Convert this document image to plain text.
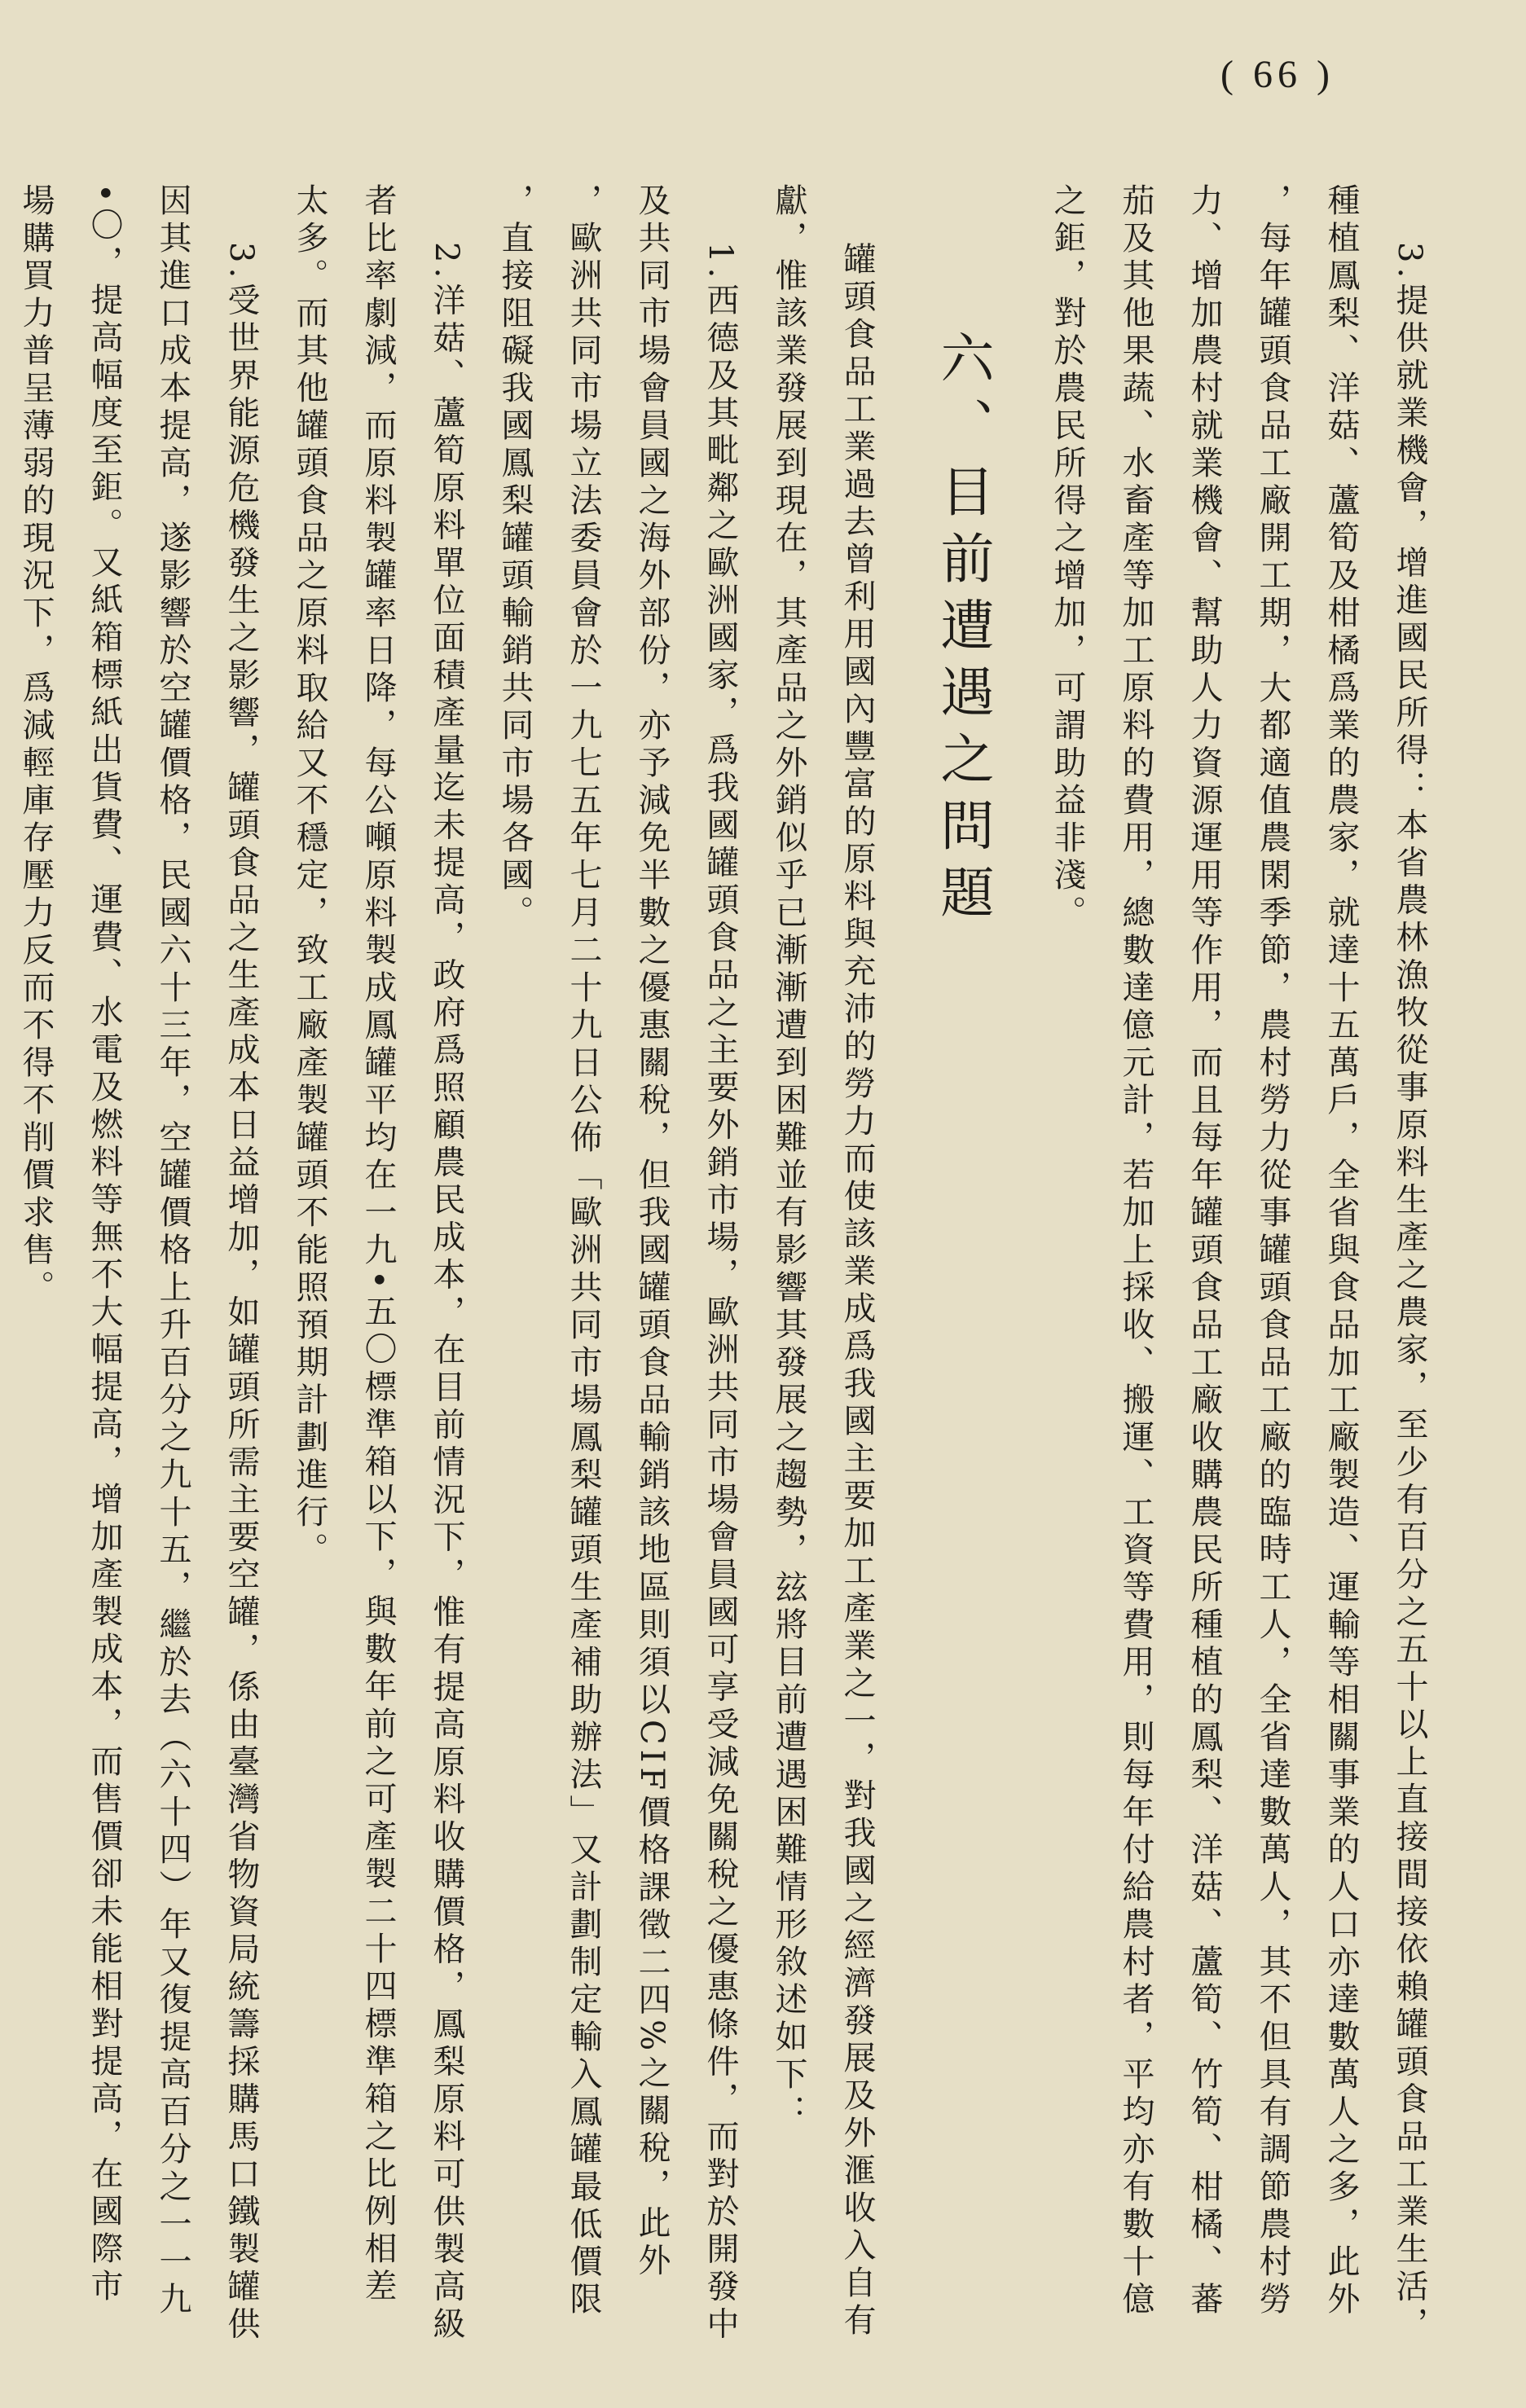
( 66 )
3.提供就業機會，增進國民所得：本省農林漁牧從事原料生產之農家，至少有百分之五十以上直接間接依賴罐頭食品工業生活，
種植鳳梨、洋菇、蘆筍及柑橘爲業的農家，就達十五萬戶，全省與食品加工廠製造、運輸等相關事業的人口亦達數萬人之多，此外
，每年罐頭食品工廠開工期，大都適值農閑季節，農村勞力從事罐頭食品工廠的臨時工人，全省達數萬人，其不但具有調節農村勞
力、增加農村就業機會、幫助人力資源運用等作用，而且每年罐頭食品工廠收購農民所種植的鳳梨、洋菇、蘆筍、竹筍、柑橘、蕃
茄及其他果蔬、水畜產等加工原料的費用，總數達億元計，若加上採收、搬運、工資等費用，則每年付給農村者，平均亦有數十億
之鉅，對於農民所得之增加，可謂助益非淺。
六、目前遭遇之問題
罐頭食品工業過去曾利用國內豐富的原料與充沛的勞力而使該業成爲我國主要加工產業之一，對我國之經濟發展及外滙收入自有
獻，惟該業發展到現在，其產品之外銷似乎已漸漸遭到困難並有影響其發展之趨勢，玆將目前遭遇困難情形敘述如下：
1.西德及其毗鄰之歐洲國家，爲我國罐頭食品之主要外銷市場，歐洲共同市場會員國可享受減免關稅之優惠條件，而對於開發中
及共同市場會員國之海外部份，亦予減免半數之優惠關稅，但我國罐頭食品輸銷該地區則須以CIF價格課徵二四%之關稅，此外
，歐洲共同市場立法委員會於一九七五年七月二十九日公佈「歐洲共同市場鳳梨罐頭生產補助辦法」又計劃制定輸入鳳罐最低價限
，直接阻礙我國鳳梨罐頭輸銷共同市場各國。
2.洋菇、蘆筍原料單位面積產量迄未提高，政府爲照顧農民成本，在目前情況下，惟有提高原料收購價格，鳳梨原料可供製高級
者比率劇減，而原料製罐率日降，每公噸原料製成鳳罐平均在一九•五〇標準箱以下，與數年前之可產製二十四標準箱之比例相差
太多。而其他罐頭食品之原料取給又不穩定，致工廠產製罐頭不能照預期計劃進行。
3.受世界能源危機發生之影響，罐頭食品之生產成本日益增加，如罐頭所需主要空罐，係由臺灣省物資局統籌採購馬口鐵製罐供
因其進口成本提高，遂影響於空罐價格，民國六十三年，空罐價格上升百分之九十五，繼於去（六十四）年又復提高百分之一一九
•〇，提高幅度至鉅。又紙箱標紙出貨費、運費、水電及燃料等無不大幅提高，增加產製成本，而售價卻未能相對提高，在國際市
場購買力普呈薄弱的現況下，爲減輕庫存壓力反而不得不削價求售。
